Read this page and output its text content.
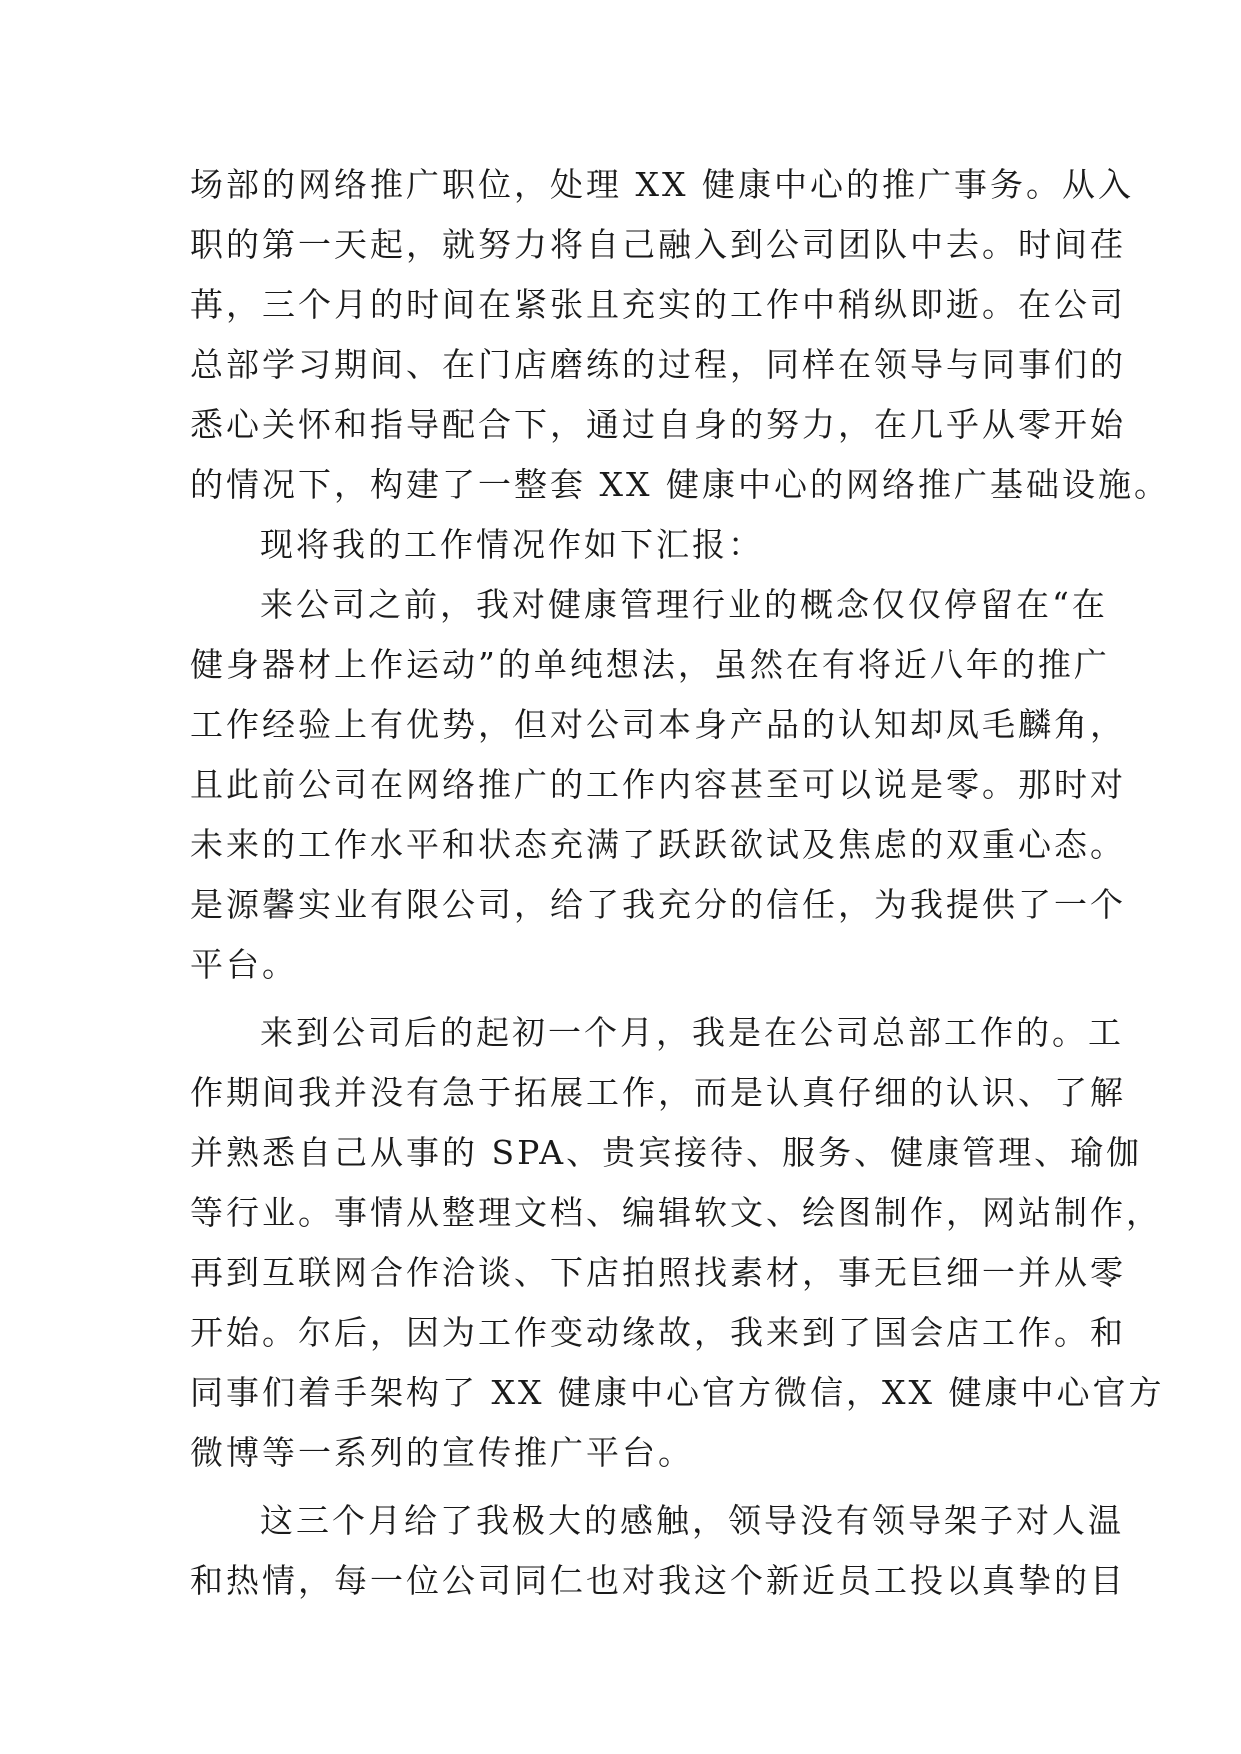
场部的网络推广职位，处理 XX 健康中心的推广事务。从入
职的第一天起，就努力将自己融入到公司团队中去。时间荏
苒，三个月的时间在紧张且充实的工作中稍纵即逝。在公司
总部学习期间、在门店磨练的过程，同样在领导与同事们的
悉心关怀和指导配合下，通过自身的努力，在几乎从零开始
的情况下，构建了一整套 XX 健康中心的网络推广基础设施。
现将我的工作情况作如下汇报：
来公司之前，我对健康管理行业的概念仅仅停留在“在
健身器材上作运动”的单纯想法，虽然在有将近八年的推广
工作经验上有优势，但对公司本身产品的认知却凤毛麟角，
且此前公司在网络推广的工作内容甚至可以说是零。那时对
未来的工作水平和状态充满了跃跃欲试及焦虑的双重心态。
是源馨实业有限公司，给了我充分的信任，为我提供了一个
平台。
来到公司后的起初一个月，我是在公司总部工作的。工
作期间我并没有急于拓展工作，而是认真仔细的认识、了解
并熟悉自己从事的 SPA、贵宾接待、服务、健康管理、瑜伽
等行业。事情从整理文档、编辑软文、绘图制作，网站制作，
再到互联网合作洽谈、下店拍照找素材，事无巨细一并从零
开始。尔后，因为工作变动缘故，我来到了国会店工作。和
同事们着手架构了 XX 健康中心官方微信，XX 健康中心官方
微博等一系列的宣传推广平台。
这三个月给了我极大的感触，领导没有领导架子对人温
和热情，每一位公司同仁也对我这个新近员工投以真挚的目
